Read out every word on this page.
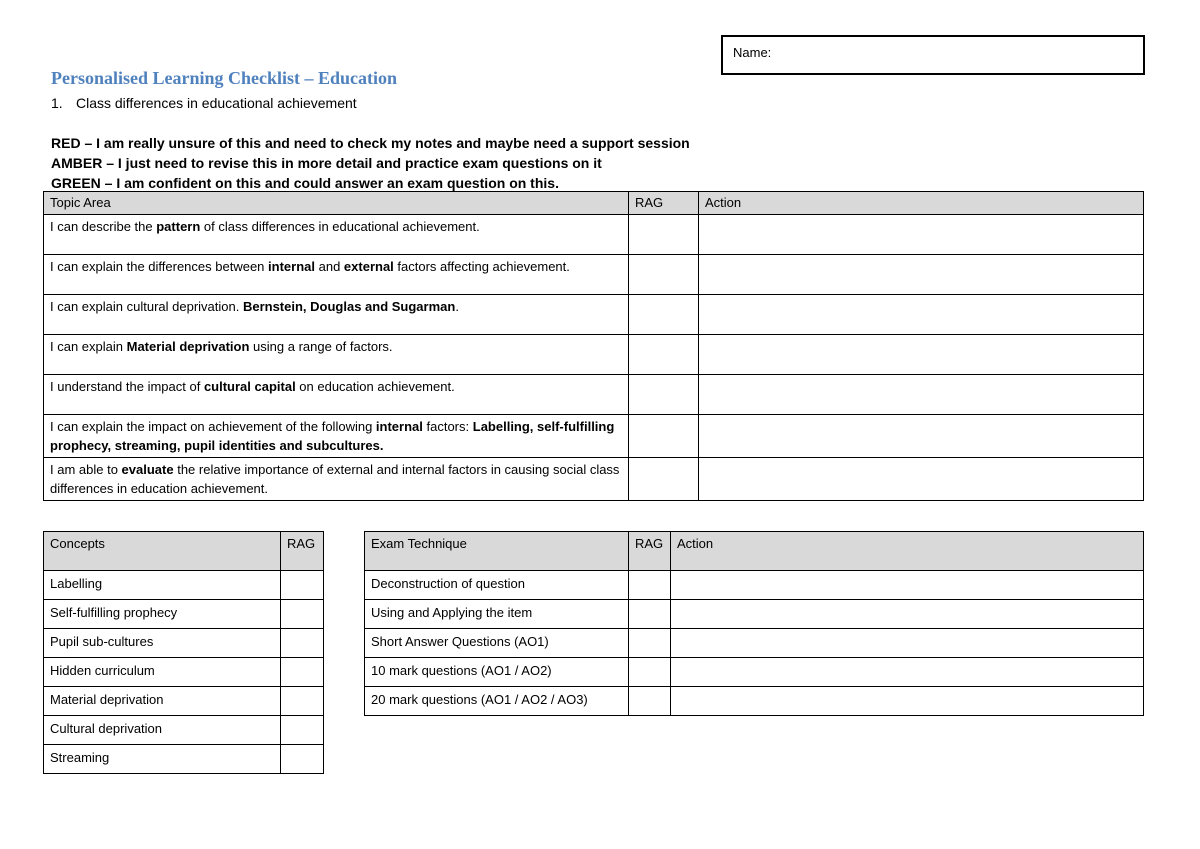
Name:
Personalised Learning Checklist – Education
1. Class differences in educational achievement
RED – I am really unsure of this and need to check my notes and maybe need a support session
AMBER – I just need to revise this in more detail and practice exam questions on it
GREEN – I am confident on this and could answer an exam question on this.
Topic Area	RAG	Action
I can describe the pattern of class differences in educational achievement.		
I can explain the differences between internal and external factors affecting achievement.		
I can explain cultural deprivation. Bernstein, Douglas and Sugarman.		
I can explain Material deprivation using a range of factors.		
I understand the impact of cultural capital on education achievement.		
I can explain the impact on achievement of the following internal factors: Labelling, self-fulfilling prophecy, streaming, pupil identities and subcultures.		
I am able to evaluate the relative importance of external and internal factors in causing social class differences in education achievement.		
Concepts	RAG
Labelling	
Self-fulfilling prophecy	
Pupil sub-cultures	
Hidden curriculum	
Material deprivation	
Cultural deprivation	
Streaming	
Exam Technique	RAG	Action
Deconstruction of question		
Using and Applying the item		
Short Answer Questions (AO1)		
10 mark questions (AO1 / AO2)		
20 mark questions (AO1 / AO2 / AO3)		
